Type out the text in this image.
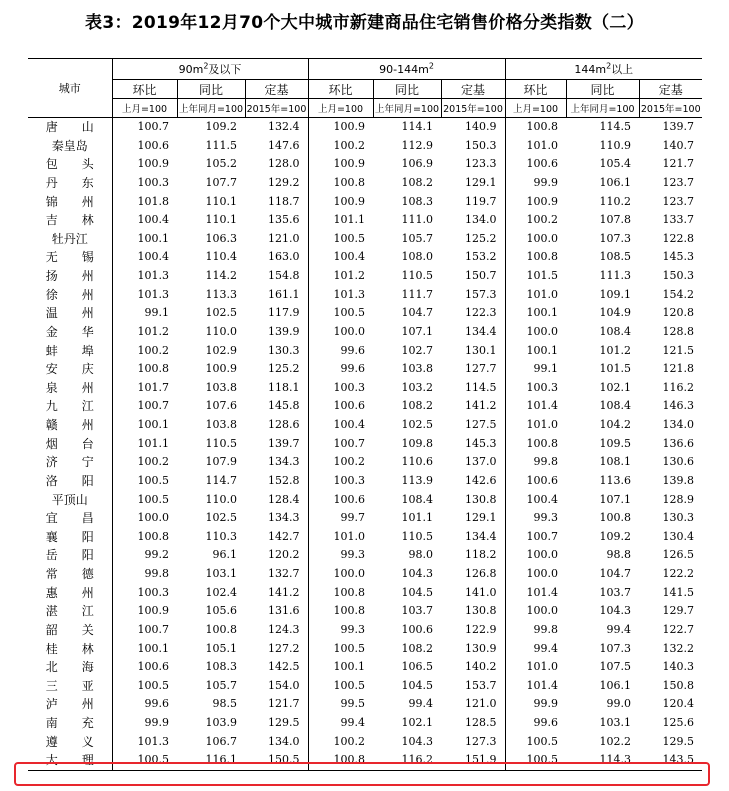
表3：2019年12月70个大中城市新建商品住宅销售价格分类指数（二）
城市	$90m^2$及以下			$90-144m^2$			$144m^2$以上		
	环比	同比	定基	环比	同比	定基	环比	同比	定基
	上月=100	上年同月=100	2015年=100	上月=100	上年同月=100	2015年=100	上月=100	上年同月=100	2015年=100
唐　　山	100.7	109.2	132.4	100.9	114.1	140.9	100.8	114.5	139.7
秦皇岛	100.6	111.5	147.6	100.2	112.9	150.3	101.0	110.9	140.7
包　　头	100.9	105.2	128.0	100.9	106.9	123.3	100.6	105.4	121.7
丹　　东	100.3	107.7	129.2	100.8	108.2	129.1	99.9	106.1	123.7
锦　　州	101.8	110.1	118.7	100.9	108.3	119.7	100.9	110.2	123.7
吉　　林	100.4	110.1	135.6	101.1	111.0	134.0	100.2	107.8	133.7
牡丹江	100.1	106.3	121.0	100.5	105.7	125.2	100.0	107.3	122.8
无　　锡	100.4	110.4	163.0	100.4	108.0	153.2	100.8	108.5	145.3
扬　　州	101.3	114.2	154.8	101.2	110.5	150.7	101.5	111.3	150.3
徐　　州	101.3	113.3	161.1	101.3	111.7	157.3	101.0	109.1	154.2
温　　州	99.1	102.5	117.9	100.5	104.7	122.3	100.1	104.9	120.8
金　　华	101.2	110.0	139.9	100.0	107.1	134.4	100.0	108.4	128.8
蚌　　埠	100.2	102.9	130.3	99.6	102.7	130.1	100.1	101.2	121.5
安　　庆	100.8	100.9	125.2	99.6	103.8	127.7	99.1	101.5	121.8
泉　　州	101.7	103.8	118.1	100.3	103.2	114.5	100.3	102.1	116.2
九　　江	100.7	107.6	145.8	100.6	108.2	141.2	101.4	108.4	146.3
赣　　州	100.1	103.8	128.6	100.4	102.5	127.5	101.0	104.2	134.0
烟　　台	101.1	110.5	139.7	100.7	109.8	145.3	100.8	109.5	136.6
济　　宁	100.2	107.9	134.3	100.2	110.6	137.0	99.8	108.1	130.6
洛　　阳	100.5	114.7	152.8	100.3	113.9	142.6	100.6	113.6	139.8
平顶山	100.5	110.0	128.4	100.6	108.4	130.8	100.4	107.1	128.9
宜　　昌	100.0	102.5	134.3	99.7	101.1	129.1	99.3	100.8	130.3
襄　　阳	100.8	110.3	142.7	101.0	110.5	134.4	100.7	109.2	130.4
岳　　阳	99.2	96.1	120.2	99.3	98.0	118.2	100.0	98.8	126.5
常　　德	99.8	103.1	132.7	100.0	104.3	126.8	100.0	104.7	122.2
惠　　州	100.3	102.4	141.2	100.8	104.5	141.0	101.4	103.7	141.5
湛　　江	100.9	105.6	131.6	100.8	103.7	130.8	100.0	104.3	129.7
韶　　关	100.7	100.8	124.3	99.3	100.6	122.9	99.8	99.4	122.7
桂　　林	100.1	105.1	127.2	100.5	108.2	130.9	99.4	107.3	132.2
北　　海	100.6	108.3	142.5	100.1	106.5	140.2	101.0	107.5	140.3
三　　亚	100.5	105.7	154.0	100.5	104.5	153.7	101.4	106.1	150.8
泸　　州	99.6	98.5	121.7	99.5	99.4	121.0	99.9	99.0	120.4
南　　充	99.9	103.9	129.5	99.4	102.1	128.5	99.6	103.1	125.6
遵　　义	101.3	106.7	134.0	100.2	104.3	127.3	100.5	102.2	129.5
大　　理	100.5	116.1	150.5	100.8	116.2	151.9	100.5	114.3	143.5
